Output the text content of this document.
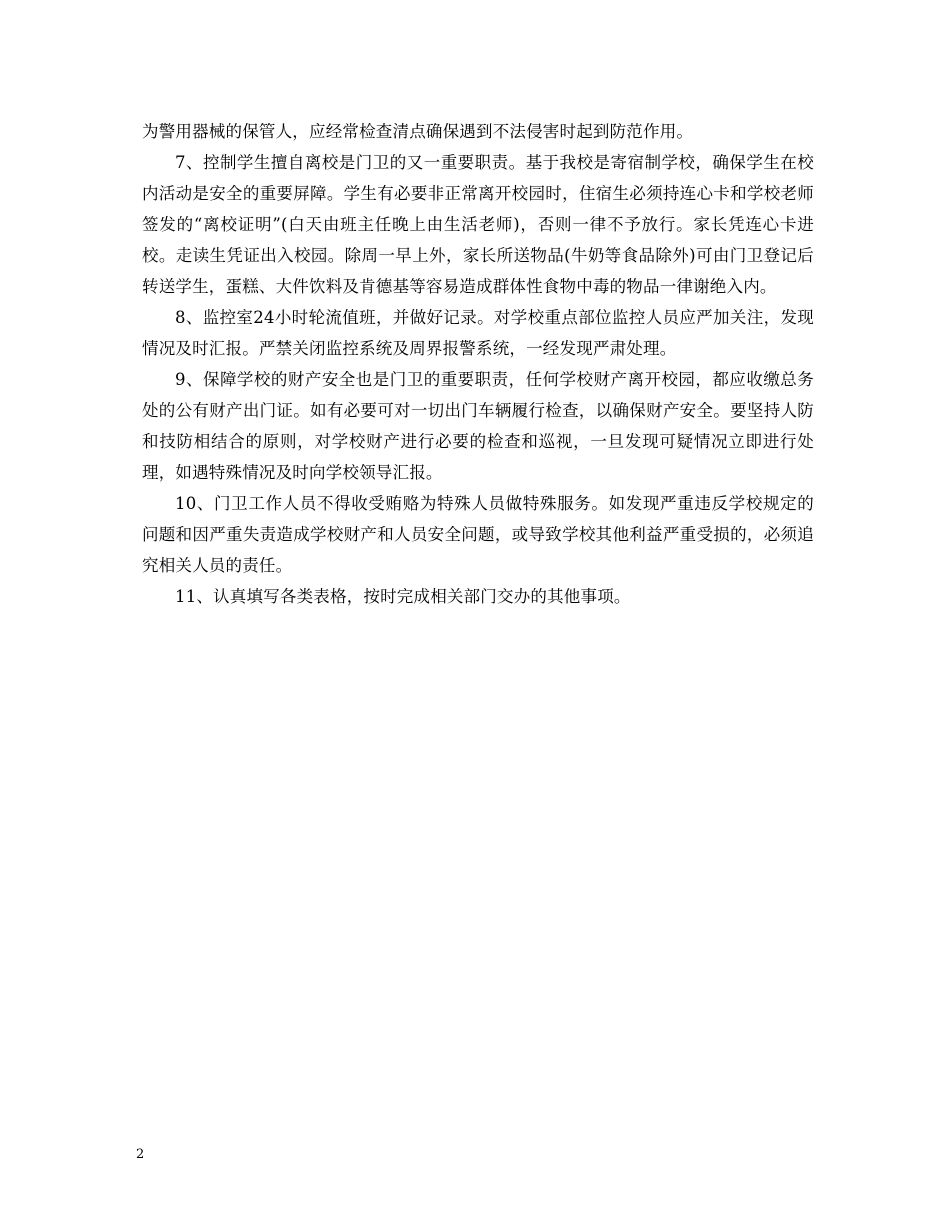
为警用器械的保管人，应经常检查清点确保遇到不法侵害时起到防范作用。

7、控制学生擅自离校是门卫的又一重要职责。基于我校是寄宿制学校，确保学生在校内活动是安全的重要屏障。学生有必要非正常离开校园时，住宿生必须持连心卡和学校老师签发的“离校证明”(白天由班主任晚上由生活老师)，否则一律不予放行。家长凭连心卡进校。走读生凭证出入校园。除周一早上外，家长所送物品(牛奶等食品除外)可由门卫登记后转送学生，蛋糕、大件饮料及肯德基等容易造成群体性食物中毒的物品一律谢绝入内。

8、监控室24小时轮流值班，并做好记录。对学校重点部位监控人员应严加关注，发现情况及时汇报。严禁关闭监控系统及周界报警系统，一经发现严肃处理。

9、保障学校的财产安全也是门卫的重要职责，任何学校财产离开校园，都应收缴总务处的公有财产出门证。如有必要可对一切出门车辆履行检查，以确保财产安全。要坚持人防和技防相结合的原则，对学校财产进行必要的检查和巡视，一旦发现可疑情况立即进行处理，如遇特殊情况及时向学校领导汇报。

10、门卫工作人员不得收受贿赂为特殊人员做特殊服务。如发现严重违反学校规定的问题和因严重失责造成学校财产和人员安全问题，或导致学校其他利益严重受损的，必须追究相关人员的责任。

11、认真填写各类表格，按时完成相关部门交办的其他事项。

2
